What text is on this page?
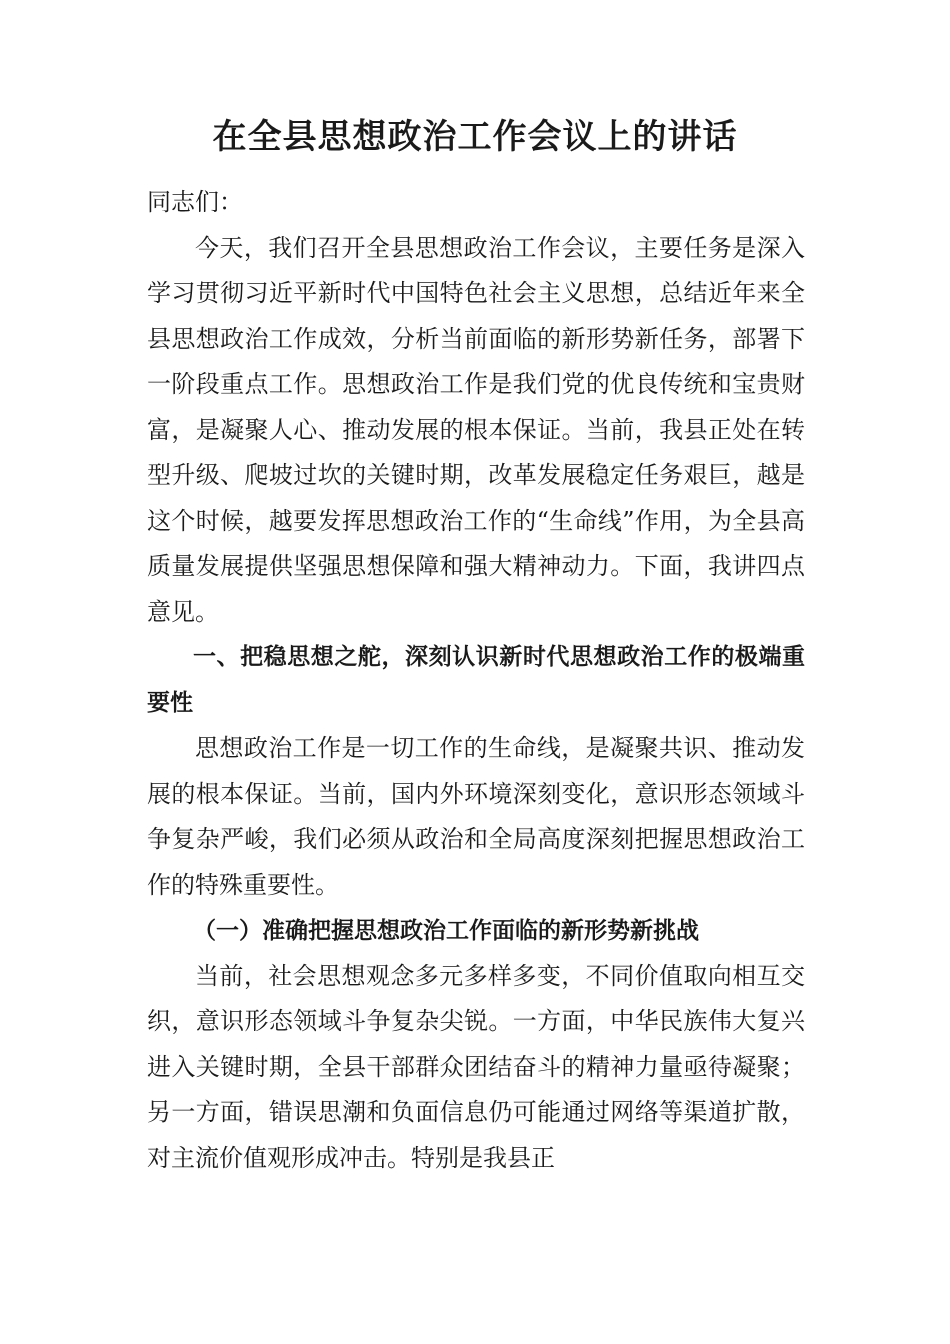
在全县思想政治工作会议上的讲话

同志们：

今天，我们召开全县思想政治工作会议，主要任务是深入学习贯彻习近平新时代中国特色社会主义思想，总结近年来全县思想政治工作成效，分析当前面临的新形势新任务，部署下一阶段重点工作。思想政治工作是我们党的优良传统和宝贵财富，是凝聚人心、推动发展的根本保证。当前，我县正处在转型升级、爬坡过坎的关键时期，改革发展稳定任务艰巨，越是这个时候，越要发挥思想政治工作的“生命线”作用，为全县高质量发展提供坚强思想保障和强大精神动力。下面，我讲四点意见。

一、把稳思想之舵，深刻认识新时代思想政治工作的极端重要性

思想政治工作是一切工作的生命线，是凝聚共识、推动发展的根本保证。当前，国内外环境深刻变化，意识形态领域斗争复杂严峻，我们必须从政治和全局高度深刻把握思想政治工作的特殊重要性。

（一）准确把握思想政治工作面临的新形势新挑战

当前，社会思想观念多元多样多变，不同价值取向相互交织，意识形态领域斗争复杂尖锐。一方面，中华民族伟大复兴进入关键时期，全县干部群众团结奋斗的精神力量亟待凝聚；另一方面，错误思潮和负面信息仍可能通过网络等渠道扩散，对主流价值观形成冲击。特别是我县正
